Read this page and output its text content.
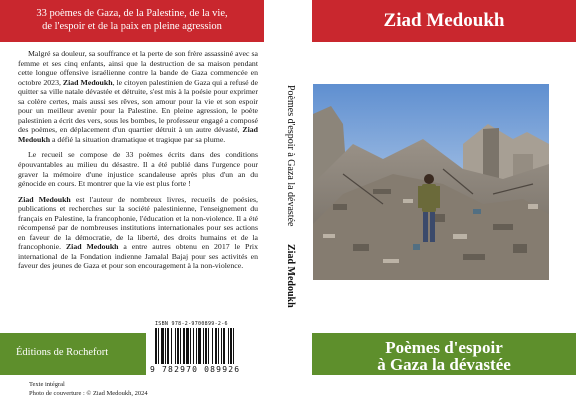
33 poèmes de Gaza, de la Palestine, de la vie,
de l'espoir et de la paix en pleine agression

Malgré sa douleur, sa souffrance et la perte de son frère assassiné avec sa femme et ses cinq enfants, ainsi que la destruction de sa maison pendant cette longue offensive israélienne contre la bande de Gaza commencée en octobre 2023, Ziad Medoukh, le citoyen palestinien de Gaza qui a refusé de quitter sa ville natale dévastée et détruite, s'est mis à la poésie pour exprimer sa colère certes, mais aussi ses rêves, son amour pour la vie et son espoir pour un meilleur avenir pour la Palestine. En pleine agression, le poète palestinien a écrit des vers, sous les bombes, le professeur engagé a composé des poèmes, en déplacement d'un quartier détruit à un autre dévasté, Ziad Medoukh a défié la situation dramatique et tragique par sa plume.

Le recueil se compose de 33 poèmes écrits dans des conditions épouvantables au milieu du désastre. Il a été publié dans l'urgence pour graver la mémoire d'une injustice scandaleuse après plus d'un an du génocide en cours. Et montrer que la vie est plus forte !

Ziad Medoukh est l'auteur de nombreux livres, recueils de poésies, publications et recherches sur la société palestinienne, l'enseignement du français en Palestine, la francophonie, l'éducation et la non-violence. Il a été récompensé par de nombreuses institutions internationales pour ses actions en faveur de la démocratie, de la liberté, des droits humains et de la francophonie. Ziad Medoukh a entre autres obtenu en 2017 le Prix international de la Fondation indienne Jamalal Bajaj pour ses activités en faveur des jeunes de Gaza et pour son encouragement à la non-violence.

ISBN 978-2-9700899-2-6
9 782970 089926
Éditions de Rochefort
Texte intégral
Photo de couverture : © Ziad Medoukh, 2024
Poèmes d'espoir à Gaza la dévastée
Ziad Medoukh
Ziad Medoukh
Poèmes d'espoir
à Gaza la dévastée
